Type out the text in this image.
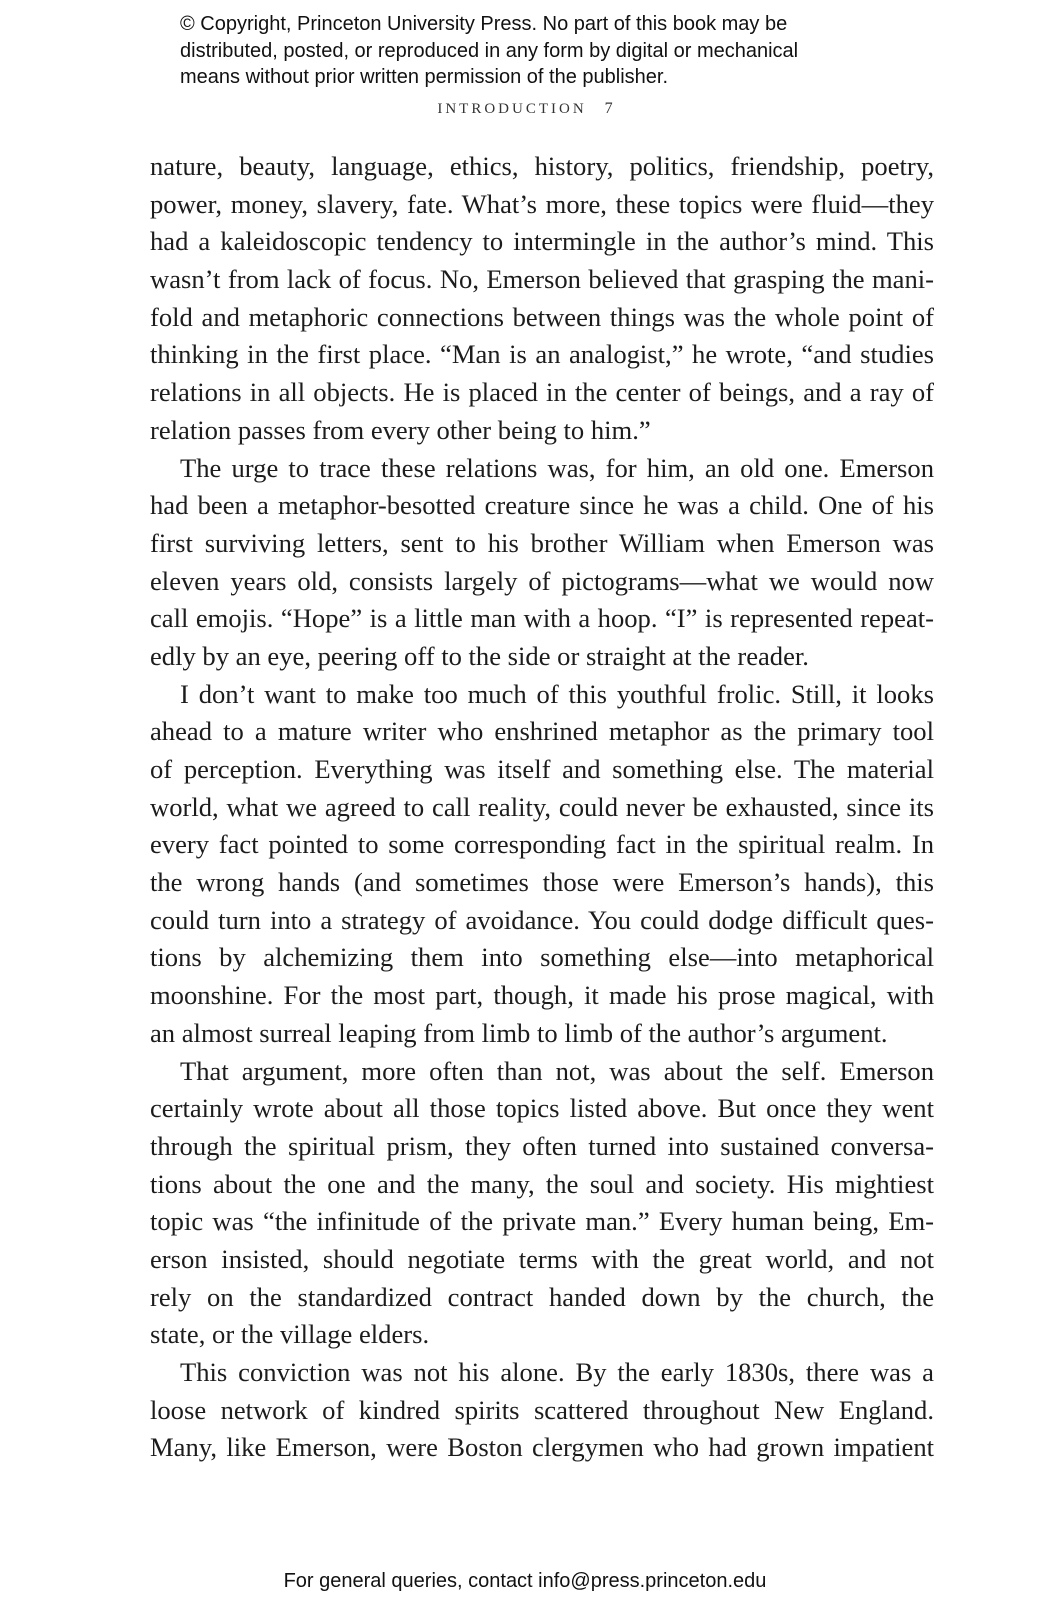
© Copyright, Princeton University Press. No part of this book may be
distributed, posted, or reproduced in any form by digital or mechanical
means without prior written permission of the publisher.
INTRODUCTION 7
nature, beauty, language, ethics, history, politics, friendship, poetry,
power, money, slavery, fate. What’s more, these topics were fluid—they
had a kaleidoscopic tendency to intermingle in the author’s mind. This
wasn’t from lack of focus. No, Emerson believed that grasping the mani-
fold and metaphoric connections between things was the whole point of
thinking in the first place. “Man is an analogist,” he wrote, “and studies
relations in all objects. He is placed in the center of beings, and a ray of
relation passes from every other being to him.”
The urge to trace these relations was, for him, an old one. Emerson
had been a metaphor-besotted creature since he was a child. One of his
first surviving letters, sent to his brother William when Emerson was
eleven years old, consists largely of pictograms—what we would now
call emojis. “Hope” is a little man with a hoop. “I” is represented repeat-
edly by an eye, peering off to the side or straight at the reader.
I don’t want to make too much of this youthful frolic. Still, it looks
ahead to a mature writer who enshrined metaphor as the primary tool
of perception. Everything was itself and something else. The material
world, what we agreed to call reality, could never be exhausted, since its
every fact pointed to some corresponding fact in the spiritual realm. In
the wrong hands (and sometimes those were Emerson’s hands), this
could turn into a strategy of avoidance. You could dodge difficult ques-
tions by alchemizing them into something else—into metaphorical
moonshine. For the most part, though, it made his prose magical, with
an almost surreal leaping from limb to limb of the author’s argument.
That argument, more often than not, was about the self. Emerson
certainly wrote about all those topics listed above. But once they went
through the spiritual prism, they often turned into sustained conversa-
tions about the one and the many, the soul and society. His mightiest
topic was “the infinitude of the private man.” Every human being, Em-
erson insisted, should negotiate terms with the great world, and not
rely on the standardized contract handed down by the church, the
state, or the village elders.
This conviction was not his alone. By the early 1830s, there was a
loose network of kindred spirits scattered throughout New England.
Many, like Emerson, were Boston clergymen who had grown impatient
For general queries, contact info@press.princeton.edu
